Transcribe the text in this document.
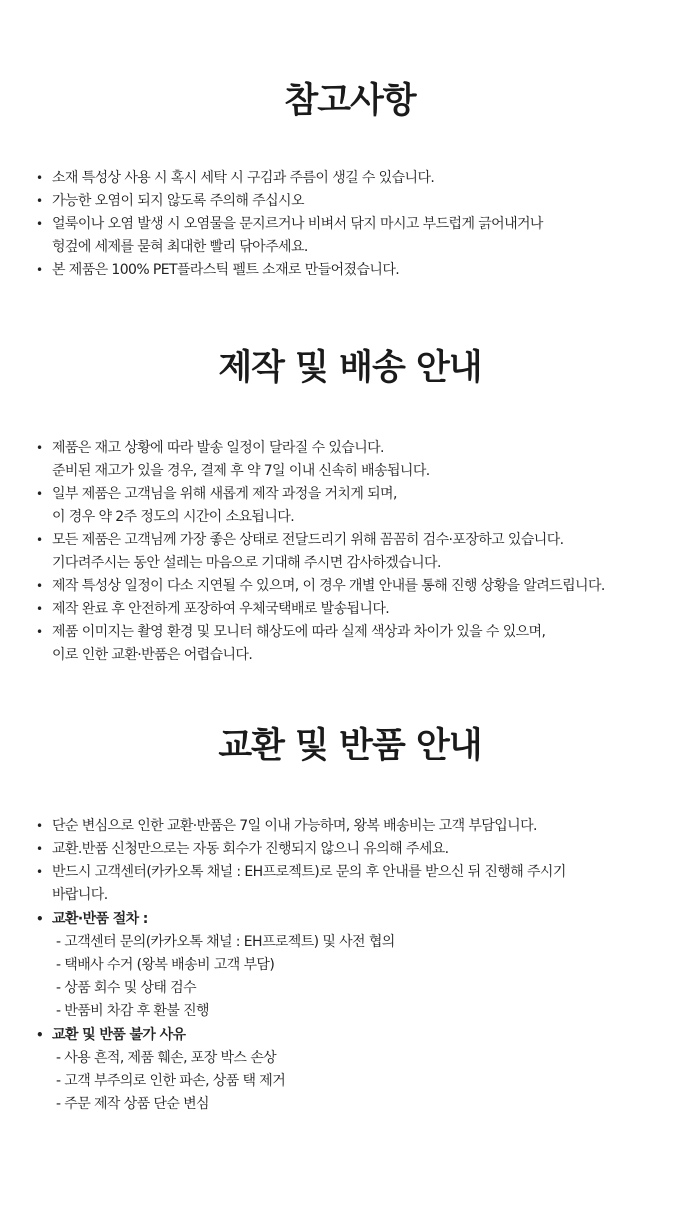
참고사항
• 소재 특성상 사용 시 혹시 세탁 시 구김과 주름이 생길 수 있습니다.
• 가능한 오염이 되지 않도록 주의해 주십시오
• 얼룩이나 오염 발생 시 오염물을 문지르거나 비벼서 닦지 마시고 부드럽게 긁어내거나
헝겊에 세제를 묻혀 최대한 빨리 닦아주세요.
• 본 제품은 100% PET플라스틱 펠트 소재로 만들어졌습니다.
제작 및 배송 안내
• 제품은 재고 상황에 따라 발송 일정이 달라질 수 있습니다.
준비된 재고가 있을 경우, 결제 후 약 7일 이내 신속히 배송됩니다.
• 일부 제품은 고객님을 위해 새롭게 제작 과정을 거치게 되며,
이 경우 약 2주 정도의 시간이 소요됩니다.
• 모든 제품은 고객님께 가장 좋은 상태로 전달드리기 위해 꼼꼼히 검수·포장하고 있습니다.
기다려주시는 동안 설레는 마음으로 기대해 주시면 감사하겠습니다.
• 제작 특성상 일정이 다소 지연될 수 있으며, 이 경우 개별 안내를 통해 진행 상황을 알려드립니다.
• 제작 완료 후 안전하게 포장하여 우체국택배로 발송됩니다.
• 제품 이미지는 촬영 환경 및 모니터 해상도에 따라 실제 색상과 차이가 있을 수 있으며,
이로 인한 교환·반품은 어렵습니다.
교환 및 반품 안내
• 단순 변심으로 인한 교환·반품은 7일 이내 가능하며, 왕복 배송비는 고객 부담입니다.
• 교환.반품 신청만으로는 자동 회수가 진행되지 않으니 유의해 주세요.
• 반드시 고객센터(카카오톡 채널 : EH프로젝트)로 문의 후 안내를 받으신 뒤 진행해 주시기
바랍니다.
• 교환·반품 절차 :
- 고객센터 문의(카카오톡 채널 : EH프로젝트) 및 사전 협의
- 택배사 수거 (왕복 배송비 고객 부담)
- 상품 회수 및 상태 검수
- 반품비 차감 후 환불 진행
• 교환 및 반품 불가 사유
- 사용 흔적, 제품 훼손, 포장 박스 손상
- 고객 부주의로 인한 파손, 상품 택 제거
- 주문 제작 상품 단순 변심
